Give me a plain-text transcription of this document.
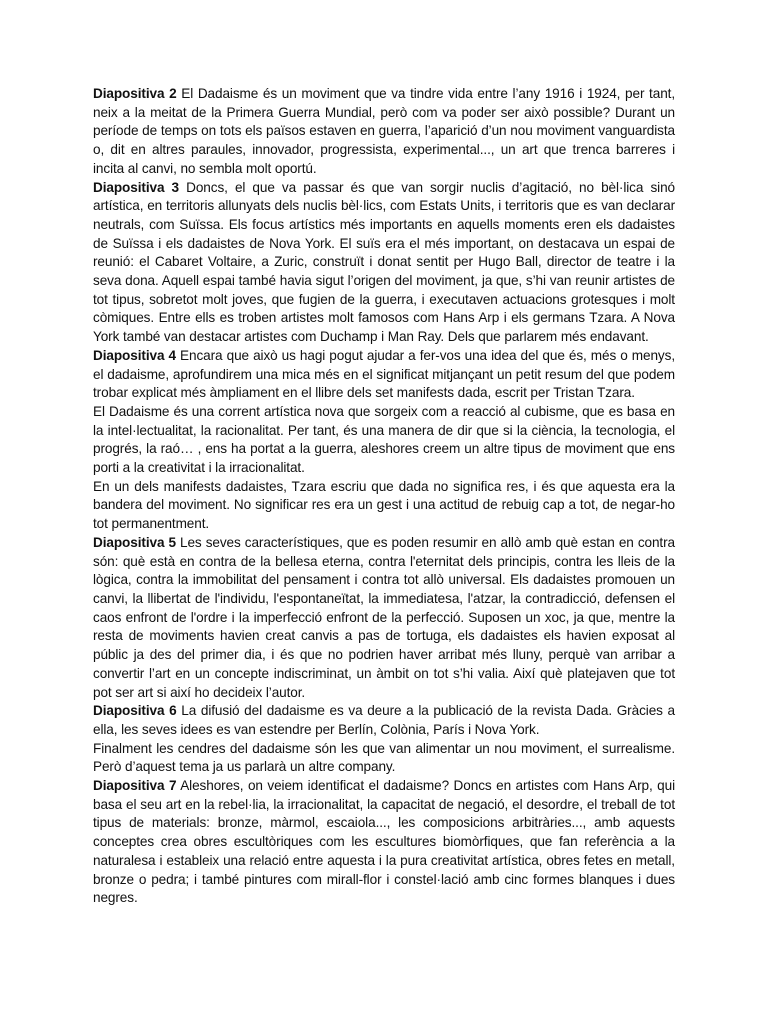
Diapositiva 2 El Dadaisme és un moviment que va tindre vida entre l’any 1916 i 1924, per tant, neix a la meitat de la Primera Guerra Mundial, però com va poder ser això possible? Durant un període de temps on tots els països estaven en guerra, l’aparició d’un nou moviment vanguardista o, dit en altres paraules, innovador, progressista, experimental..., un art que trenca barreres i incita al canvi, no sembla molt oportú.

Diapositiva 3 Doncs, el que va passar és que van sorgir nuclis d’agitació, no bèl·lica sinó artística, en territoris allunyats dels nuclis bèl·lics, com Estats Units, i territoris que es van declarar neutrals, com Suïssa. Els focus artístics més importants en aquells moments eren els dadaistes de Suïssa i els dadaistes de Nova York. El suïs era el més important, on destacava un espai de reunió: el Cabaret Voltaire, a Zuric, construït i donat sentit per Hugo Ball, director de teatre i la seva dona. Aquell espai també havia sigut l’origen del moviment, ja que, s’hi van reunir artistes de tot tipus, sobretot molt joves, que fugien de la guerra, i executaven actuacions grotesques i molt còmiques. Entre ells es troben artistes molt famosos com Hans Arp i els germans Tzara. A Nova York també van destacar artistes com Duchamp i Man Ray. Dels que parlarem més endavant.

Diapositiva 4 Encara que això us hagi pogut ajudar a fer-vos una idea del que és, més o menys, el dadaisme, aprofundirem una mica més en el significat mitjançant un petit resum del que podem trobar explicat més àmpliament en el llibre dels set manifests dada, escrit per Tristan Tzara.

El Dadaisme és una corrent artística nova que sorgeix com a reacció al cubisme, que es basa en la intel·lectualitat, la racionalitat. Per tant, és una manera de dir que si la ciència, la tecnologia, el progrés, la raó… , ens ha portat a la guerra, aleshores creem un altre tipus de moviment que ens porti a la creativitat i la irracionalitat.

En un dels manifests dadaistes, Tzara escriu que dada no significa res, i és que aquesta era la bandera del moviment. No significar res era un gest i una actitud de rebuig cap a tot, de negar-ho tot permanentment.

Diapositiva 5 Les seves característiques, que es poden resumir en allò amb què estan en contra són: què està en contra de la bellesa eterna, contra l'eternitat dels principis, contra les lleis de la lògica, contra la immobilitat del pensament i contra tot allò universal. Els dadaistes promouen un canvi, la llibertat de l'individu, l'espontaneïtat, la immediatesa, l'atzar, la contradicció, defensen el caos enfront de l'ordre i la imperfecció enfront de la perfecció. Suposen un xoc, ja que, mentre la resta de moviments havien creat canvis a pas de tortuga, els dadaistes els havien exposat al públic ja des del primer dia, i és que no podrien haver arribat més lluny, perquè van arribar a convertir l’art en un concepte indiscriminat, un àmbit on tot s’hi valia. Així què platejaven que tot pot ser art si així ho decideix l’autor.

Diapositiva 6 La difusió del dadaisme es va deure a la publicació de la revista Dada. Gràcies a ella, les seves idees es van estendre per Berlín, Colònia, París i Nova York.

Finalment les cendres del dadaisme són les que van alimentar un nou moviment, el surrealisme. Però d’aquest tema ja us parlarà un altre company.

Diapositiva 7 Aleshores, on veiem identificat el dadaisme? Doncs en artistes com Hans Arp, qui basa el seu art en la rebel·lia, la irracionalitat, la capacitat de negació, el desordre, el treball de tot tipus de materials: bronze, màrmol, escaiola..., les composicions arbitràries..., amb aquests conceptes crea obres escultòriques com les escultures biomòrfiques, que fan referència a la naturalesa i estableix una relació entre aquesta i la pura creativitat artística, obres fetes en metall, bronze o pedra; i també pintures com mirall-flor i constel·lació amb cinc formes blanques i dues negres.
